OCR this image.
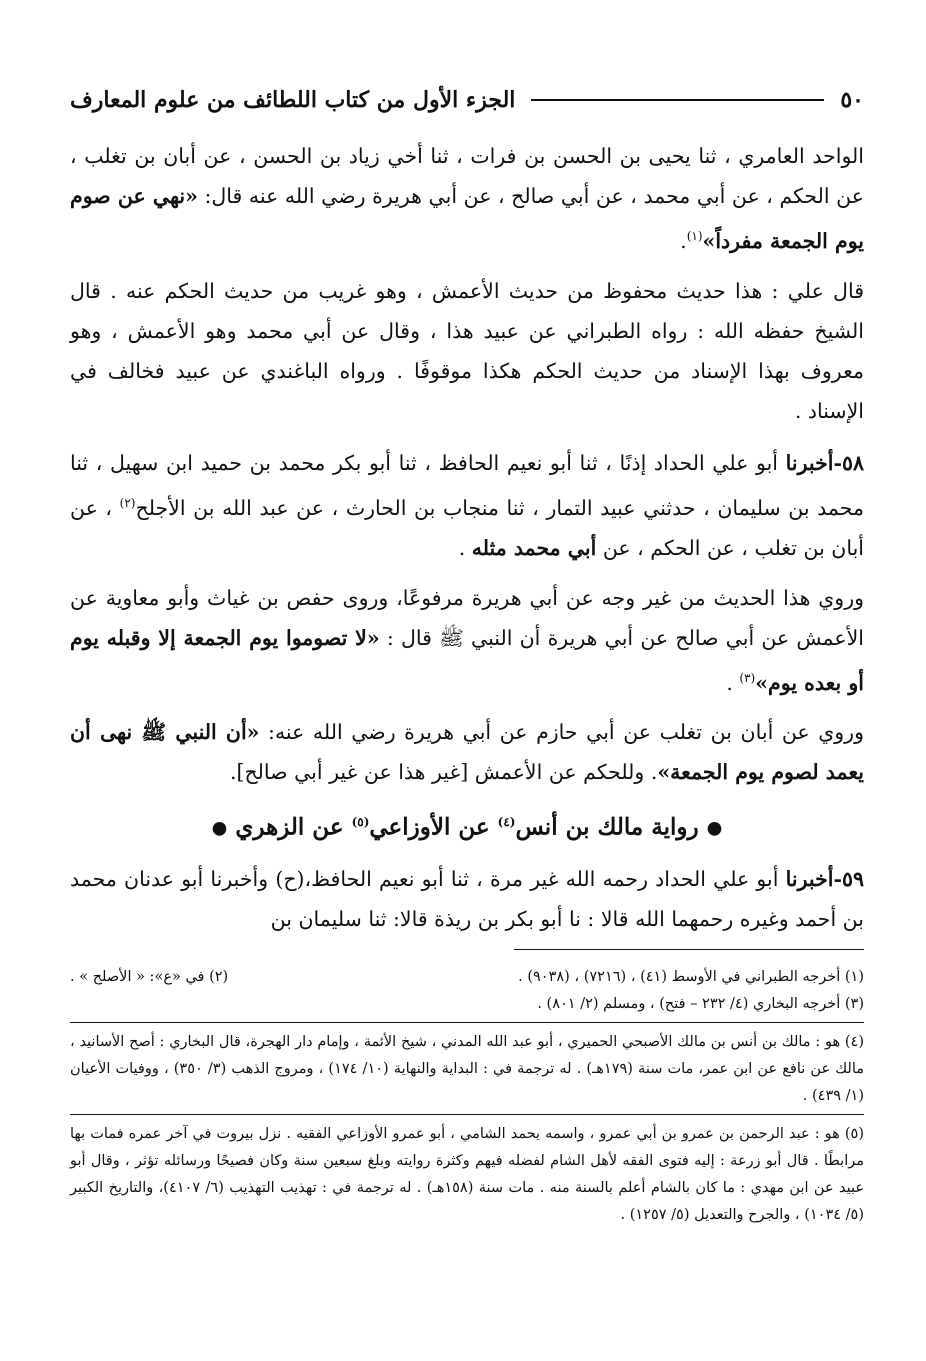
٥٠
الجزء الأول من كتاب اللطائف من علوم المعارف

الواحد العامري ، ثنا يحيى بن الحسن بن فرات ، ثنا أخي زياد بن الحسن ، عن أبان بن تغلب ، عن الحكم ، عن أبي محمد ، عن أبي صالح ، عن أبي هريرة رضي الله عنه قال: «نهي عن صوم يوم الجمعة مفرداً»$^{(١)}$.

قال علي : هذا حديث محفوظ من حديث الأعمش ، وهو غريب من حديث الحكم عنه . قال الشيخ حفظه الله : رواه الطبراني عن عبيد هذا ، وقال عن أبي محمد وهو الأعمش ، وهو معروف بهذا الإسناد من حديث الحكم هكذا موقوفًا . ورواه الباغندي عن عبيد فخالف في الإسناد .

٥٨-أخبرنا أبو علي الحداد إذنًا ، ثنا أبو نعيم الحافظ ، ثنا أبو بكر محمد بن حميد ابن سهيل ، ثنا محمد بن سليمان ، حدثني عبيد التمار ، ثنا منجاب بن الحارث ، عن عبد الله بن الأجلح$^{(٢)}$ ، عن أبان بن تغلب ، عن الحكم ، عن أبي محمد مثله .

وروي هذا الحديث من غير وجه عن أبي هريرة مرفوعًا، وروى حفص بن غياث وأبو معاوية عن الأعمش عن أبي صالح عن أبي هريرة أن النبي ﷺ قال : «لا تصوموا يوم الجمعة إلا وقبله يوم أو بعده يوم»$^{(٣)}$ .

وروي عن أبان بن تغلب عن أبي حازم عن أبي هريرة رضي الله عنه: «أن النبي ﷺ نهى أن يعمد لصوم يوم الجمعة». وللحكم عن الأعمش [غير هذا عن غير أبي صالح].

● رواية مالك بن أنس$^{(٤)}$ عن الأوزاعي$^{(٥)}$ عن الزهري ●

٥٩-أخبرنا أبو علي الحداد رحمه الله غير مرة ، ثنا أبو نعيم الحافظ،(ح) وأخبرنا أبو عدنان محمد بن أحمد وغيره رحمهما الله قالا : نا أبو بكر بن ريذة قالا: ثنا سليمان بن

(١) أخرجه الطبراني في الأوسط (٤١) ، (٧٢١٦) ، (٩٠٣٨) .

(٢) في «ع»: « الأصلح » .

(٣) أخرجه البخاري (٤/ ٢٣٢ – فتح) ، ومسلم (٢/ ٨٠١) .

(٤) هو : مالك بن أنس بن مالك الأصبحي الحميري ، أبو عبد الله المدني ، شيخ الأئمة ، وإمام دار الهجرة، قال البخاري : أصح الأسانيد ، مالك عن نافع عن ابن عمر، مات سنة (١٧٩هـ) . له ترجمة في : البداية والنهاية (١٠/ ١٧٤) ، ومروج الذهب (٣/ ٣٥٠) ، ووفيات الأعيان (١/ ٤٣٩) .

(٥) هو : عبد الرحمن بن عمرو بن أبي عمرو ، واسمه يحمد الشامي ، أبو عمرو الأوزاعي الفقيه . نزل بيروت في آخر عمره فمات بها مرابطًا . قال أبو زرعة : إليه فتوى الفقه لأهل الشام لفضله فيهم وكثرة روايته وبلغ سبعين سنة وكان فصيحًا ورسائله تؤثر ، وقال أبو عبيد عن ابن مهدي : ما كان بالشام أعلم بالسنة منه . مات سنة (١٥٨هـ) . له ترجمة في : تهذيب التهذيب (٦/ ٤١٠٧)، والتاريخ الكبير (٥/ ١٠٣٤) ، والجرح والتعديل (٥/ ١٢٥٧) .
